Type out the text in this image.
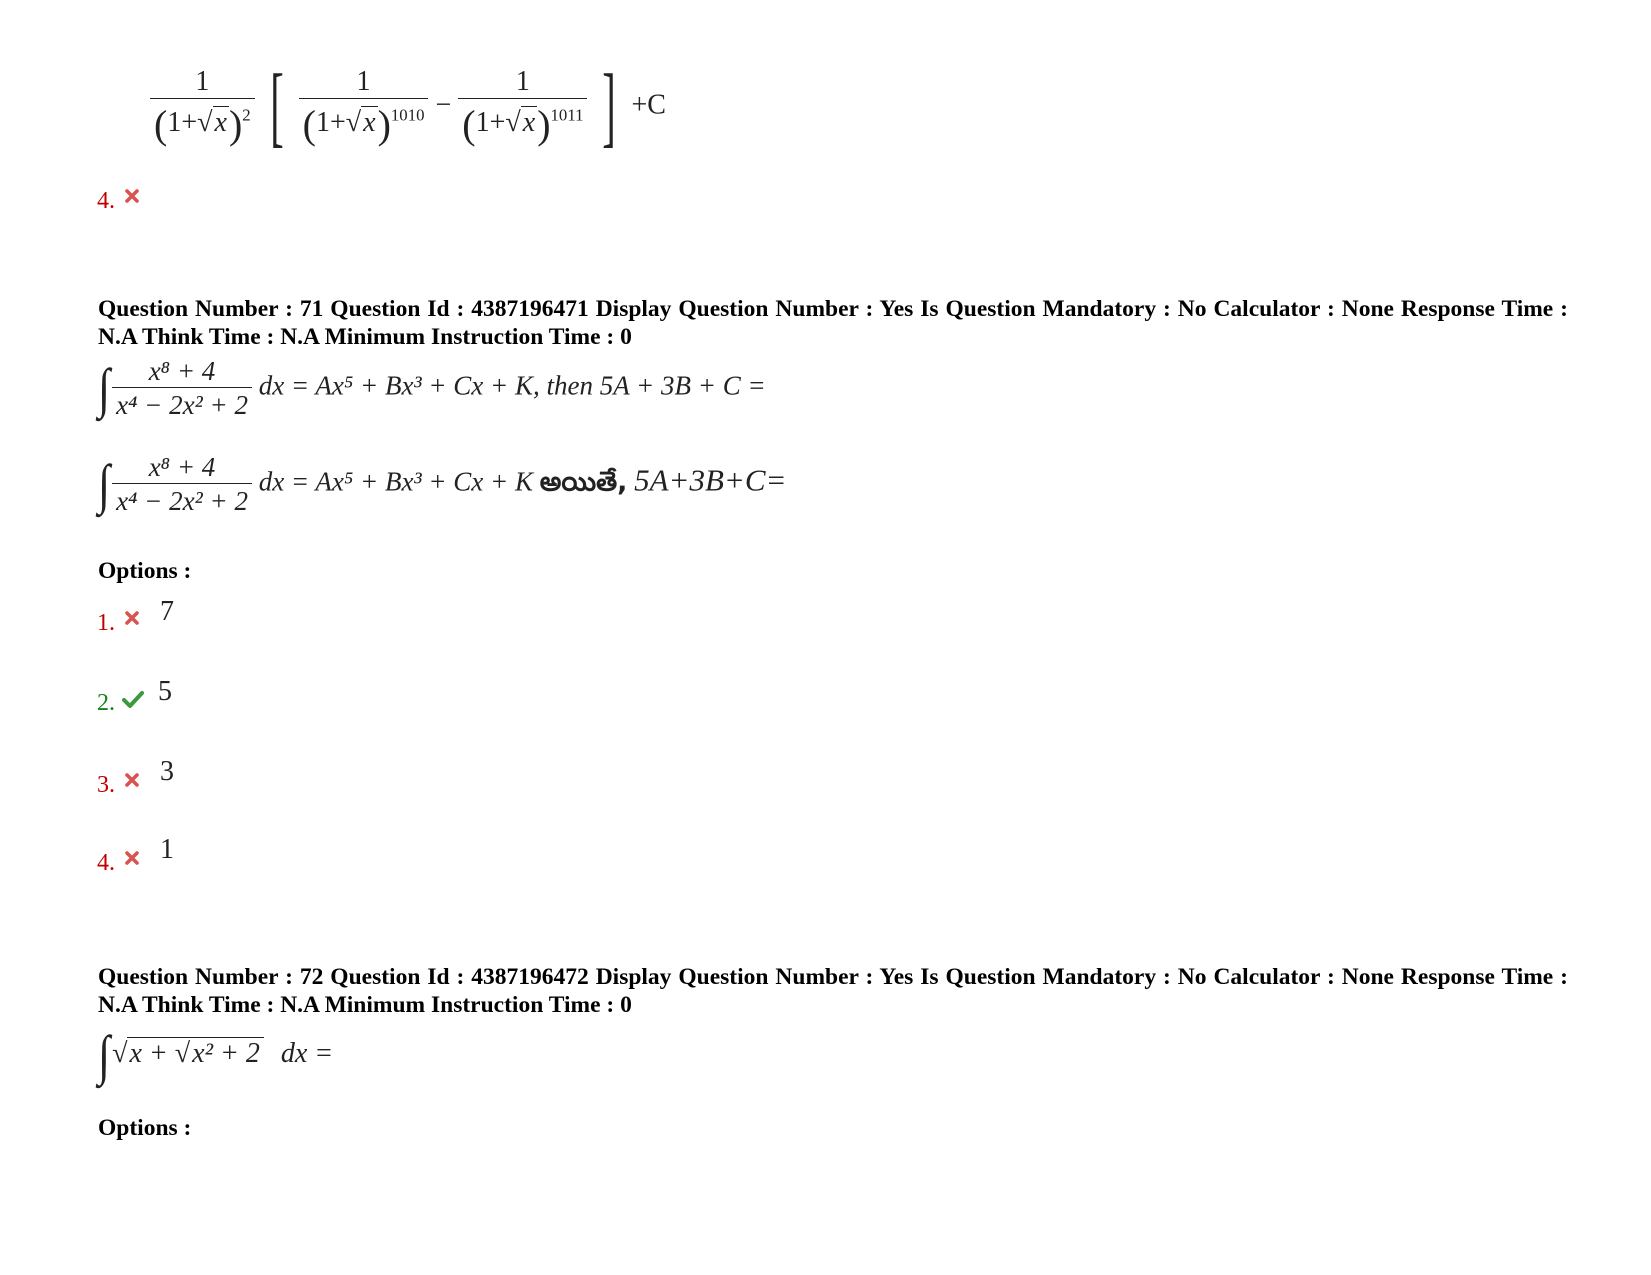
4.
$\frac{1}{(1+√x)^2}$ [ $\frac{1}{(1+√x)^{1010}} - \frac{1}{(1+√x)^{1011}}$ ] +C
Question Number : 71 Question Id : 4387196471 Display Question Number : Yes Is Question Mandatory : No Calculator : None Response Time : N.A Think Time : N.A Minimum Instruction Time : 0
∫ $\frac{\text{x⁸ + 4}}{\text{x⁴ − 2x² + 2}}$ dx = Ax⁵ + Bx³ + Cx + K, then 5A + 3B + C =
∫ $\frac{\text{x⁸ + 4}}{\text{x⁴ − 2x² + 2}}$ dx = Ax⁵ + Bx³ + Cx + K అయితే, 5A+3B+C=
Options :
1. 7
2. 5
3. 3
4. 1
Question Number : 72 Question Id : 4387196472 Display Question Number : Yes Is Question Mandatory : No Calculator : None Response Time : N.A Think Time : N.A Minimum Instruction Time : 0
∫√x + √x² + 2 dx =
Options :
